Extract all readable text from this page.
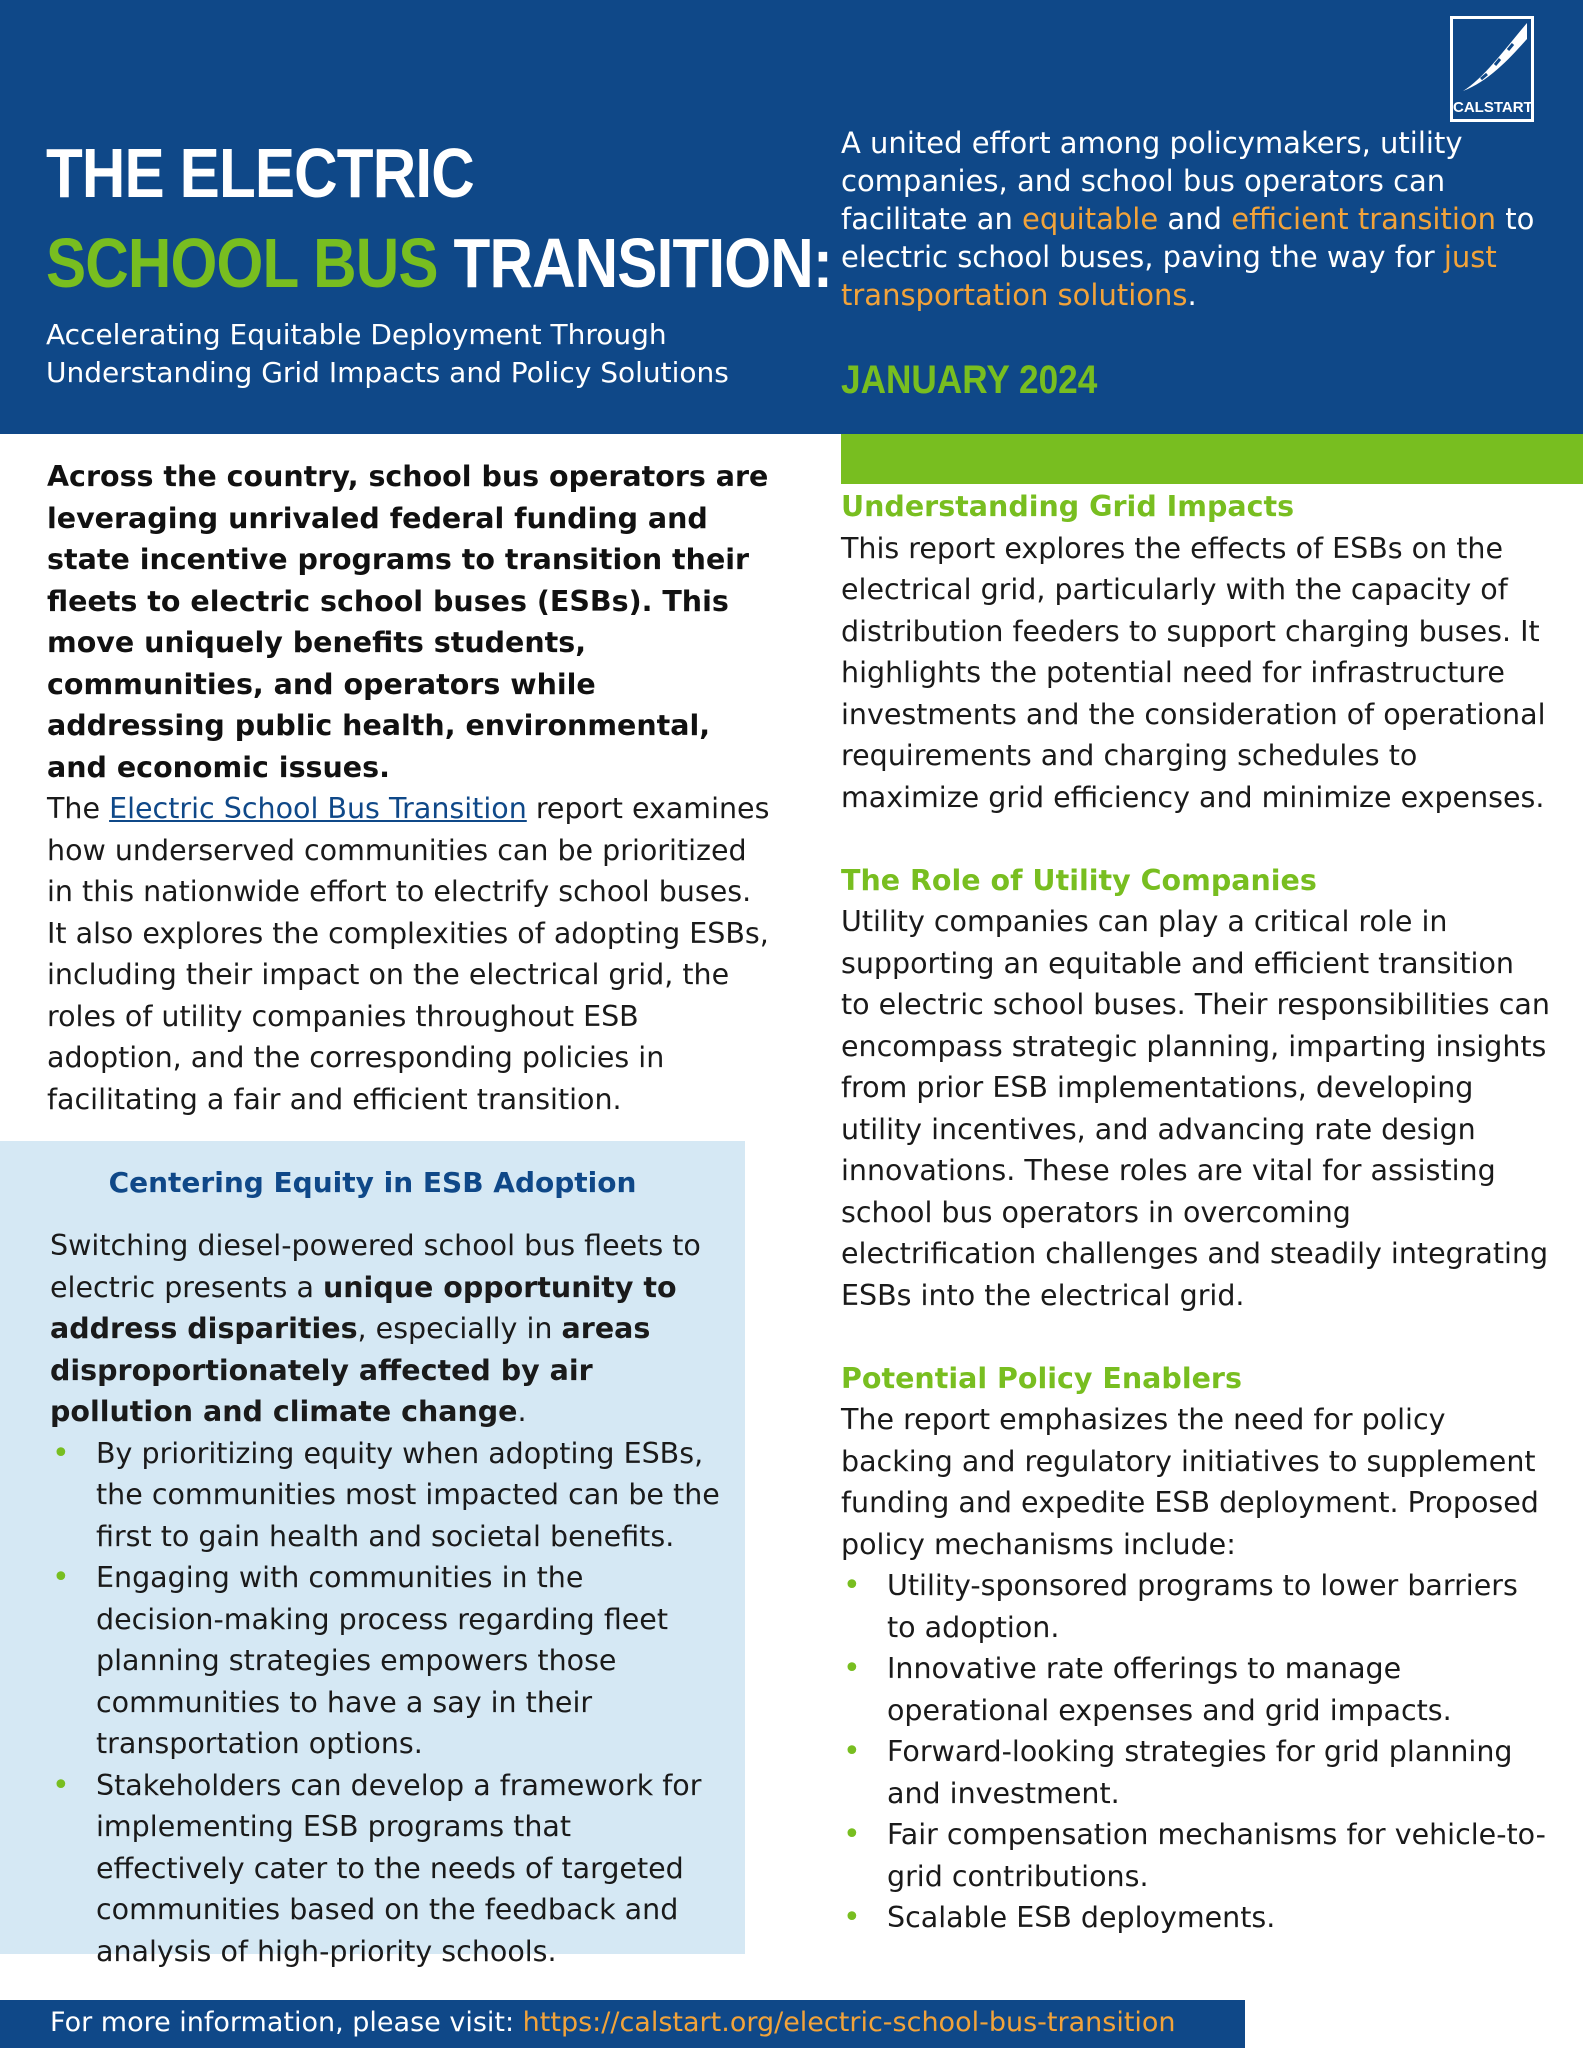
CALSTART
THE ELECTRIC
SCHOOL BUS TRANSITION:
Accelerating Equitable Deployment Through
Understanding Grid Impacts and Policy Solutions
A united effort among policymakers, utility companies, and school bus operators can facilitate an equitable and efficient transition to electric school buses, paving the way for just transportation solutions.
JANUARY 2024
Across the country, school bus operators are leveraging unrivaled federal funding and state incentive programs to transition their fleets to electric school buses (ESBs). This move uniquely benefits students, communities, and operators while addressing public health, environmental, and economic issues.
The Electric School Bus Transition report examines how underserved communities can be prioritized in this nationwide effort to electrify school buses. It also explores the complexities of adopting ESBs, including their impact on the electrical grid, the roles of utility companies throughout ESB adoption, and the corresponding policies in facilitating a fair and efficient transition.
Centering Equity in ESB Adoption

Switching diesel-powered school bus fleets to electric presents a unique opportunity to address disparities, especially in areas disproportionately affected by air pollution and climate change.

• By prioritizing equity when adopting ESBs, the communities most impacted can be the first to gain health and societal benefits.
• Engaging with communities in the decision-making process regarding fleet planning strategies empowers those communities to have a say in their transportation options.
• Stakeholders can develop a framework for implementing ESB programs that effectively cater to the needs of targeted communities based on the feedback and analysis of high-priority schools.
Understanding Grid Impacts
This report explores the effects of ESBs on the electrical grid, particularly with the capacity of distribution feeders to support charging buses. It highlights the potential need for infrastructure investments and the consideration of operational requirements and charging schedules to maximize grid efficiency and minimize expenses.
The Role of Utility Companies
Utility companies can play a critical role in supporting an equitable and efficient transition to electric school buses. Their responsibilities can encompass strategic planning, imparting insights from prior ESB implementations, developing utility incentives, and advancing rate design innovations. These roles are vital for assisting school bus operators in overcoming electrification challenges and steadily integrating ESBs into the electrical grid.
Potential Policy Enablers
The report emphasizes the need for policy backing and regulatory initiatives to supplement funding and expedite ESB deployment. Proposed policy mechanisms include:
• Utility-sponsored programs to lower barriers to adoption.
• Innovative rate offerings to manage operational expenses and grid impacts.
• Forward-looking strategies for grid planning and investment.
• Fair compensation mechanisms for vehicle-to-grid contributions.
• Scalable ESB deployments.
For more information, please visit: https://calstart.org/electric-school-bus-transition
